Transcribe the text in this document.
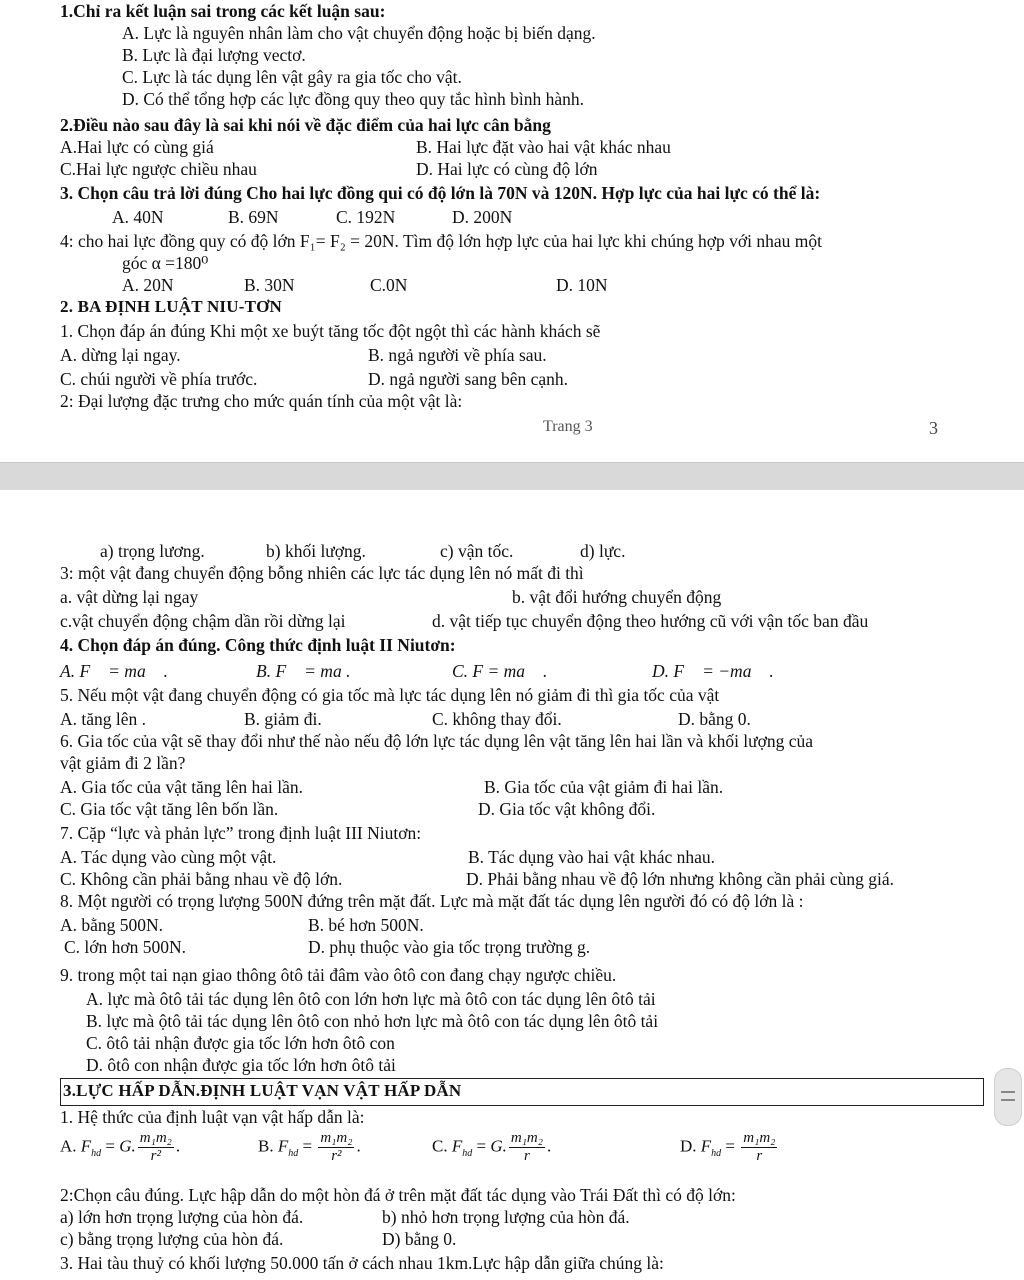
1.Chỉ ra kết luận sai trong các kết luận sau:
A. Lực là nguyên nhân làm cho vật chuyển động hoặc bị biến dạng.
B. Lực là đại lượng vectơ.
C. Lực là tác dụng lên vật gây ra gia tốc cho vật.
D. Có thể tổng hợp các lực đồng quy theo quy tắc hình bình hành.
2.Điều nào sau đây là sai khi nói về đặc điểm của hai lực cân bằng
A.Hai lực có cùng giá	B. Hai lực đặt vào hai vật khác nhau
C.Hai lực ngược chiều nhau	D. Hai lực có cùng độ lớn
3. Chọn câu trả lời đúng Cho hai lực đồng qui có độ lớn là 70N và 120N. Hợp lực của hai lực có thể là:
A. 40N	B. 69N	C. 192N	D. 200N
4: cho hai lực đồng quy có độ lớn F₁= F₂ = 20N. Tìm độ lớn hợp lực của hai lực khi chúng hợp với nhau một
góc α =180⁰
A. 20N	B. 30N	C.0N	D. 10N
2. BA ĐỊNH LUẬT NIU-TƠN
1. Chọn đáp án đúng Khi một xe buýt tăng tốc đột ngột thì các hành khách sẽ
A. dừng lại ngay.	B. ngả người về phía sau.
C. chúi người về phía trước.	D. ngả người sang bên cạnh.
2: Đại lượng đặc trưng cho mức quán tính của một vật là:
Trang 3	3
a) trọng lương.	b) khối lượng.	c) vận tốc.	d) lực.
3: một vật đang chuyển động bỗng nhiên các lực tác dụng lên nó mất đi thì
a. vật dừng lại ngay	b. vật đổi hướng chuyển động
c.vật chuyển động chậm dần rồi dừng lại	d. vật tiếp tục chuyển động theo hướng cũ với vận tốc ban đầu
4. Chọn đáp án đúng. Công thức định luật II Niutơn:
A. F⃗ = ma⃗ .	B. F⃗ = ma .	C. F = ma⃗ .	D. F⃗ = −ma⃗ .
5. Nếu một vật đang chuyển động có gia tốc mà lực tác dụng lên nó giảm đi thì gia tốc của vật
A. tăng lên .	B. giảm đi.	C. không thay đổi.	D. bằng 0.
6. Gia tốc của vật sẽ thay đổi như thế nào nếu độ lớn lực tác dụng lên vật tăng lên hai lần và khối lượng của
vật giảm đi 2 lần?
A. Gia tốc của vật tăng lên hai lần.	B. Gia tốc của vật giảm đi hai lần.
C. Gia tốc vật tăng lên bốn lần.	D. Gia tốc vật không đổi.
7. Cặp “lực và phản lực” trong định luật III Niutơn:
A. Tác dụng vào cùng một vật.	B. Tác dụng vào hai vật khác nhau.
C. Không cần phải bằng nhau về độ lớn.	D. Phải bằng nhau về độ lớn nhưng không cần phải cùng giá.
8. Một người có trọng lượng 500N đứng trên mặt đất. Lực mà mặt đất tác dụng lên người đó có độ lớn là :
A. bằng 500N.	B. bé hơn 500N.
C. lớn hơn 500N.	D. phụ thuộc vào gia tốc trọng trường g.
9. trong một tai nạn giao thông ôtô tải đâm vào ôtô con đang chạy ngược chiều.
A. lực mà ôtô tải tác dụng lên ôtô con lớn hơn lực mà ôtô con tác dụng lên ôtô tải
B. lực mà ộtô tải tác dụng lên ôtô con nhỏ hơn lực mà ôtô con tác dụng lên ôtô tải
C. ôtô tải nhận được gia tốc lớn hơn ôtô con
D. ôtô con nhận được gia tốc lớn hơn ôtô tải
3.LỰC HẤP DẪN.ĐỊNH LUẬT VẠN VẬT HẤP DẪN
1. Hệ thức của định luật vạn vật hấp dẫn là:
A. $F_{hd} = G$. $\frac{\text{m₁m₂}}{\text{r²}}$ .	B. $F_{hd} = \frac{\text{m₁m₂}}{\text{r²}}$ .	C. $F_{hd} = G$. $\frac{\text{m₁m₂}}{r}$ .	D. $F_{hd} = \frac{\text{m₁m₂}}{r}$
2:Chọn câu đúng. Lực hập dẫn do một hòn đá ở trên mặt đất tác dụng vào Trái Đất thì có độ lớn:
a) lớn hơn trọng lượng của hòn đá.	b) nhỏ hơn trọng lượng của hòn đá.
c) bằng trọng lượng của hòn đá.	D) bằng 0.
3. Hai tàu thuỷ có khối lượng 50.000 tấn ở cách nhau 1km.Lực hập dẫn giữa chúng là:
